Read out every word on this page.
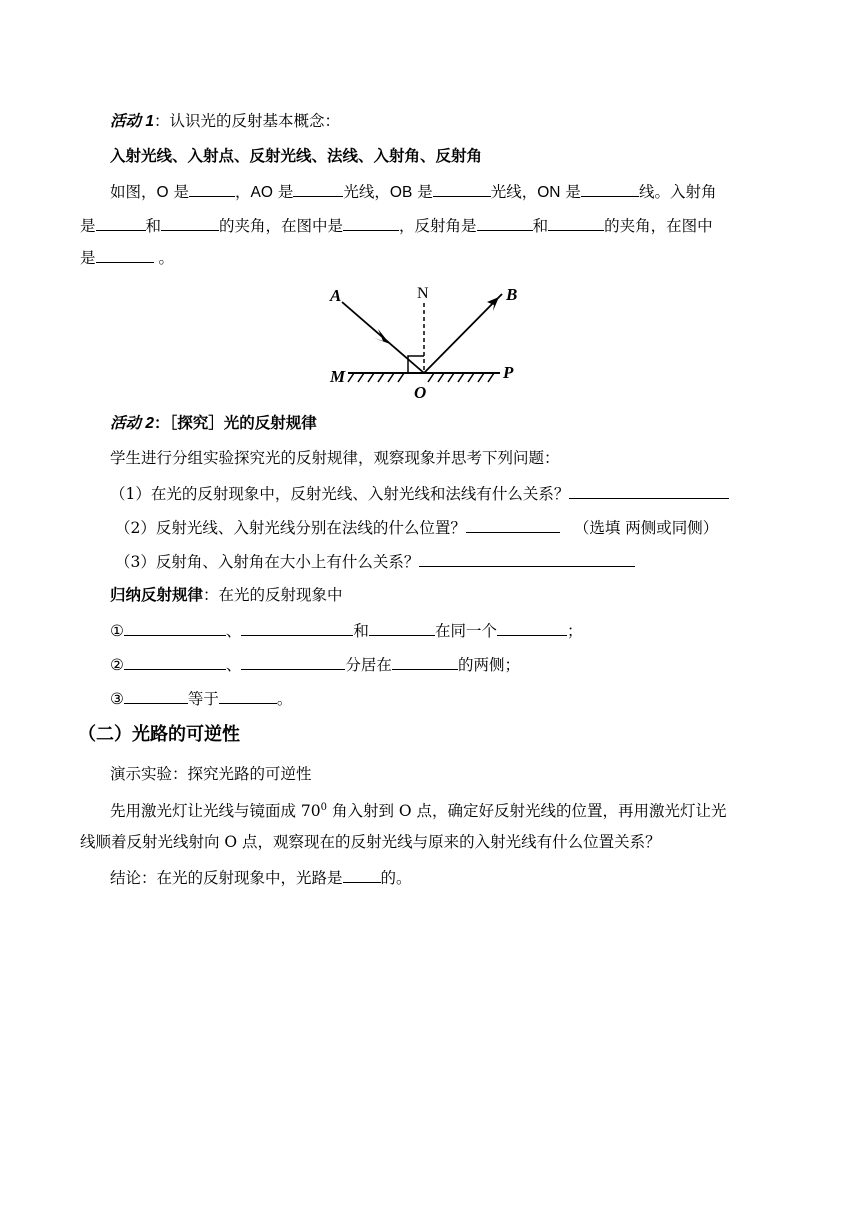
活动 1：认识光的反射基本概念：
入射光线、入射点、反射光线、法线、入射角、反射角
如图，O 是	，AO 是	光线，OB 是	光线，ON 是	线。入射角
是	和	的夹角，在图中是	，反射角是	和	的夹角，在图中
是	。
A	B
M	P
O
N
活动 2：［探究］光的反射规律
学生进行分组实验探究光的反射规律，观察现象并思考下列问题：
（1）在光的反射现象中，反射光线、入射光线和法线有什么关系？
（2）反射光线、入射光线分别在法线的什么位置？	（选填 两侧或同侧）
（3）反射角、入射角在大小上有什么关系？
归纳反射规律：在光的反射现象中
①	、	和	在同一个	；
②	、	分居在	的两侧；
③	等于	。
（二）光路的可逆性
演示实验：探究光路的可逆性
先用激光灯让光线与镜面成 $70^0$ 角入射到 O 点，确定好反射光线的位置，再用激光灯让光
线顺着反射光线射向 O 点，观察现在的反射光线与原来的入射光线有什么位置关系？
结论：在光的反射现象中，光路是 的。
